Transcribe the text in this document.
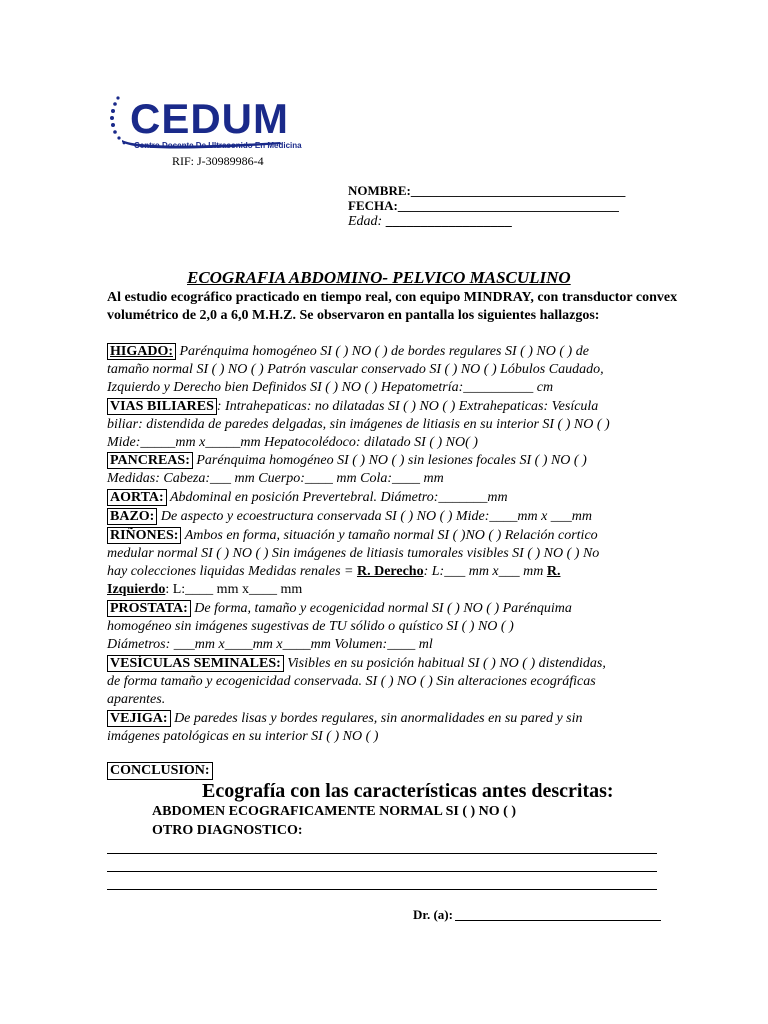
CEDUM
Centro Docente De Ultrasonido En Medicina
RIF: J-30989986-4
NOMBRE:_________________________________
FECHA:__________________________________
Edad: __________________
ECOGRAFIA ABDOMINO- PELVICO MASCULINO
Al estudio ecográfico practicado en tiempo real, con equipo MINDRAY, con transductor convex
volumétrico de 2,0 a 6,0 M.H.Z. Se observaron en pantalla los siguientes hallazgos:
HIGADO: Parénquima homogéneo SI ( ) NO ( ) de bordes regulares SI ( ) NO ( ) de
tamaño normal SI ( ) NO ( ) Patrón vascular conservado SI ( ) NO ( ) Lóbulos Caudado,
Izquierdo y Derecho bien Definidos SI ( ) NO ( ) Hepatometría:__________ cm
VIAS BILIARES : Intrahepaticas: no dilatadas SI ( ) NO ( ) Extrahepaticas: Vesícula
biliar: distendida de paredes delgadas, sin imágenes de litiasis en su interior SI ( ) NO ( )
Mide:_____mm x_____mm Hepatocolédoco: dilatado SI ( ) NO( )
PANCREAS: Parénquima homogéneo SI ( ) NO ( ) sin lesiones focales SI ( ) NO ( )
Medidas: Cabeza:___ mm Cuerpo:____ mm Cola:____ mm
AORTA: Abdominal en posición Prevertebral. Diámetro:_______mm
BAZO: De aspecto y ecoestructura conservada SI ( ) NO ( ) Mide:____mm x ___mm
RIÑONES: Ambos en forma, situación y tamaño normal SI ( )NO ( ) Relación cortico
medular normal SI ( ) NO ( ) Sin imágenes de litiasis tumorales visibles SI ( ) NO ( ) No
hay colecciones liquidas Medidas renales = R. Derecho: L:___ mm x___ mm R.
Izquierdo: L:____ mm x____ mm
PROSTATA: De forma, tamaño y ecogenicidad normal SI ( ) NO ( ) Parénquima
homogéneo sin imágenes sugestivas de TU sólido o quístico SI ( ) NO ( )
Diámetros: ___mm x____mm x____mm Volumen:____ ml
VESÍCULAS SEMINALES: Visibles en su posición habitual SI ( ) NO ( ) distendidas,
de forma tamaño y ecogenicidad conservada. SI ( ) NO ( ) Sin alteraciones ecográficas
aparentes.
VEJIGA: De paredes lisas y bordes regulares, sin anormalidades en su pared y sin
imágenes patológicas en su interior SI ( ) NO ( )
CONCLUSION:
Ecografía con las características antes descritas:
ABDOMEN ECOGRAFICAMENTE NORMAL SI ( ) NO ( )
OTRO DIAGNOSTICO:
Dr. (a):
